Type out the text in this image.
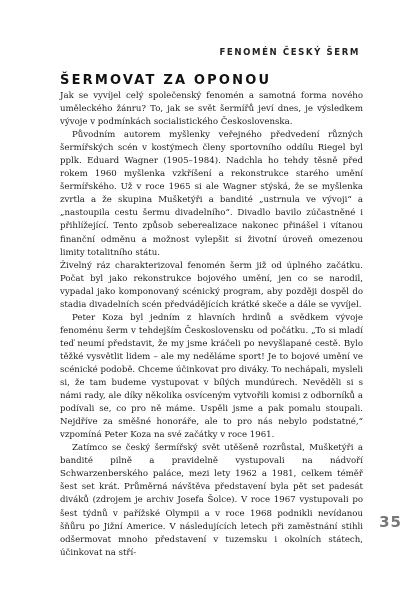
FENOMÉN ČESKÝ ŠERM
ŠERMOVAT ZA OPONOU

Jak se vyvíjel celý společenský fenomén a samotná forma nového uměleckého žánru? To, jak se svět šermířů jeví dnes, je výsledkem vývoje v podmínkách socialistického Československa.

Původním autorem myšlenky veřejného předvedení různých šermířských scén v kostýmech členy sportovního oddílu Riegel byl pplk. Eduard Wagner (1905–1984). Nadchla ho tehdy těsně před rokem 1960 myšlenka vzkříšení a rekonstrukce starého umění šermířského. Už v roce 1965 si ale Wagner stýská, že se myšlenka zvrtla a že skupina Mušketýři a bandité „ustrnula ve vývoji“ a „nastoupila cestu šermu divadelního“. Divadlo bavilo zúčastněné i přihlížející. Tento způsob seberealizace nakonec přinášel i vítanou finanční odměnu a možnost vylepšit si životní úroveň omezenou limity totalitního státu.

Živelný ráz charakterizoval fenomén šerm již od úplného začátku. Počat byl jako rekonstrukce bojového umění, jen co se narodil, vypadal jako komponovaný scénický program, aby později dospěl do stadia divadelních scén předvádějících krátké skeče a dále se vyvíjel.

Peter Koza byl jedním z hlavních hrdinů a svědkem vývoje fenoménu šerm v tehdejším Československu od počátku. „To si mladí teď neumí představit, že my jsme kráčeli po nevyšlapané cestě. Bylo těžké vysvětlit lidem – ale my neděláme sport! Je to bojové umění ve scénické podobě. Chceme účinkovat pro diváky. To nechápali, mysleli si, že tam budeme vystupovat v bílých mundúrech. Nevěděli si s námi rady, ale díky několika osvíceným vytvořili komisi z odborníků a podívali se, co pro ně máme. Uspěli jsme a pak pomalu stoupali. Nejdříve za směšné honoráře, ale to pro nás nebylo podstatné,“ vzpomíná Peter Koza na své začátky v roce 1961.

Zatímco se český šermířský svět utěšeně rozrůstal, Mušketýři a bandité pilně a pravidelně vystupovali na nádvoří Schwarzenberského paláce, mezi lety 1962 a 1981, celkem téměř šest set krát. Průměrná návštěva představení byla pět set padesát diváků (zdrojem je archiv Josefa Šolce). V roce 1967 vystupovali po šest týdnů v pařížské Olympii a v roce 1968 podnikli nevídanou šňůru po Jižní Americe. V následujících letech při zaměstnání stihli odšermovat mnoho představení v tuzemsku i okolních státech, účinkovat na stří-

35
